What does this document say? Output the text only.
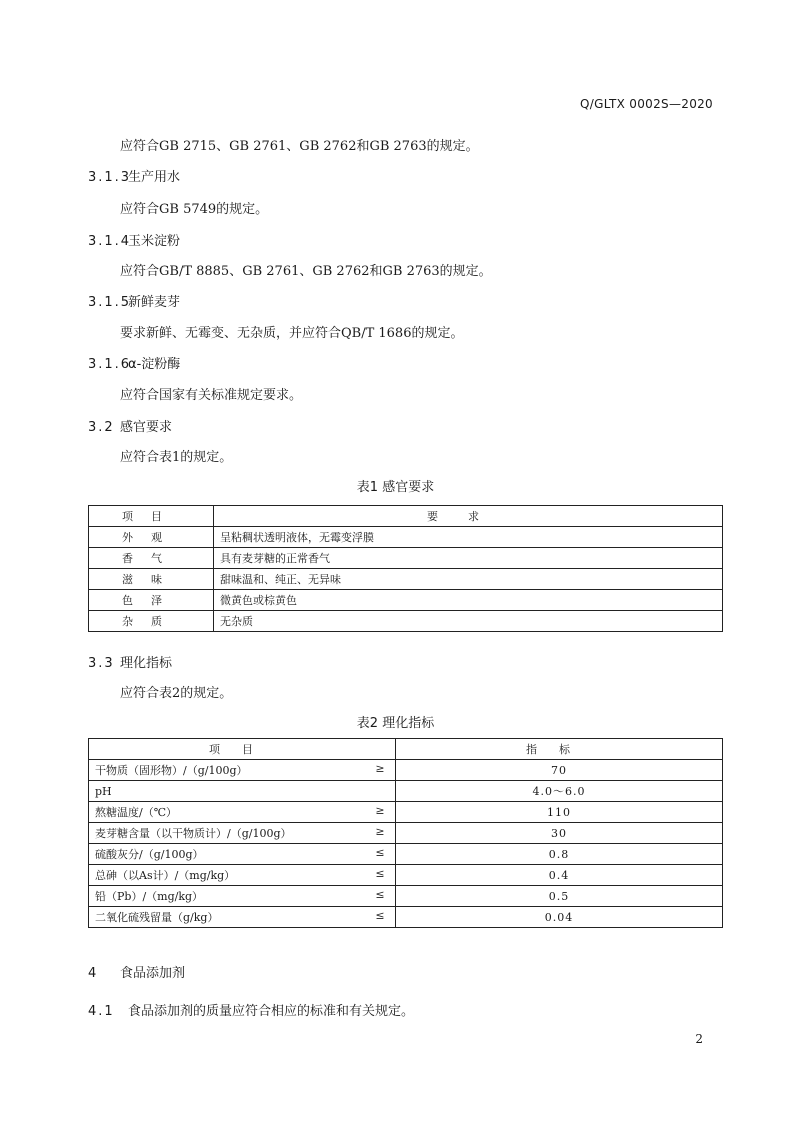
Q/GLTX 0002S—2020
应符合GB 2715、GB 2761、GB 2762和GB 2763的规定。
3.1.3生产用水
应符合GB 5749的规定。
3.1.4玉米淀粉
应符合GB/T 8885、GB 2761、GB 2762和GB 2763的规定。
3.1.5新鲜麦芽
要求新鲜、无霉变、无杂质，并应符合QB/T 1686的规定。
3.1.6α-淀粉酶
应符合国家有关标准规定要求。
3.2 感官要求
应符合表1的规定。
表1 感官要求
项目	要求
外观	呈粘稠状透明液体，无霉变浮膜
香气	具有麦芽糖的正常香气
滋味	甜味温和、纯正、无异味
色泽	微黄色或棕黄色
杂质	无杂质
3.3 理化指标
应符合表2的规定。
表2 理化指标
项目	指标
干物质（固形物）/（g/100g） ≥	70
pH	4.0～6.0
熬糖温度/（℃） ≥	110
麦芽糖含量（以干物质计）/（g/100g） ≥	30
硫酸灰分/（g/100g） ≤	0.8
总砷（以As计）/（mg/kg） ≤	0.4
铅（Pb）/（mg/kg） ≤	0.5
二氧化硫残留量（g/kg） ≤	0.04
4 食品添加剂
4.1 食品添加剂的质量应符合相应的标准和有关规定。
2
